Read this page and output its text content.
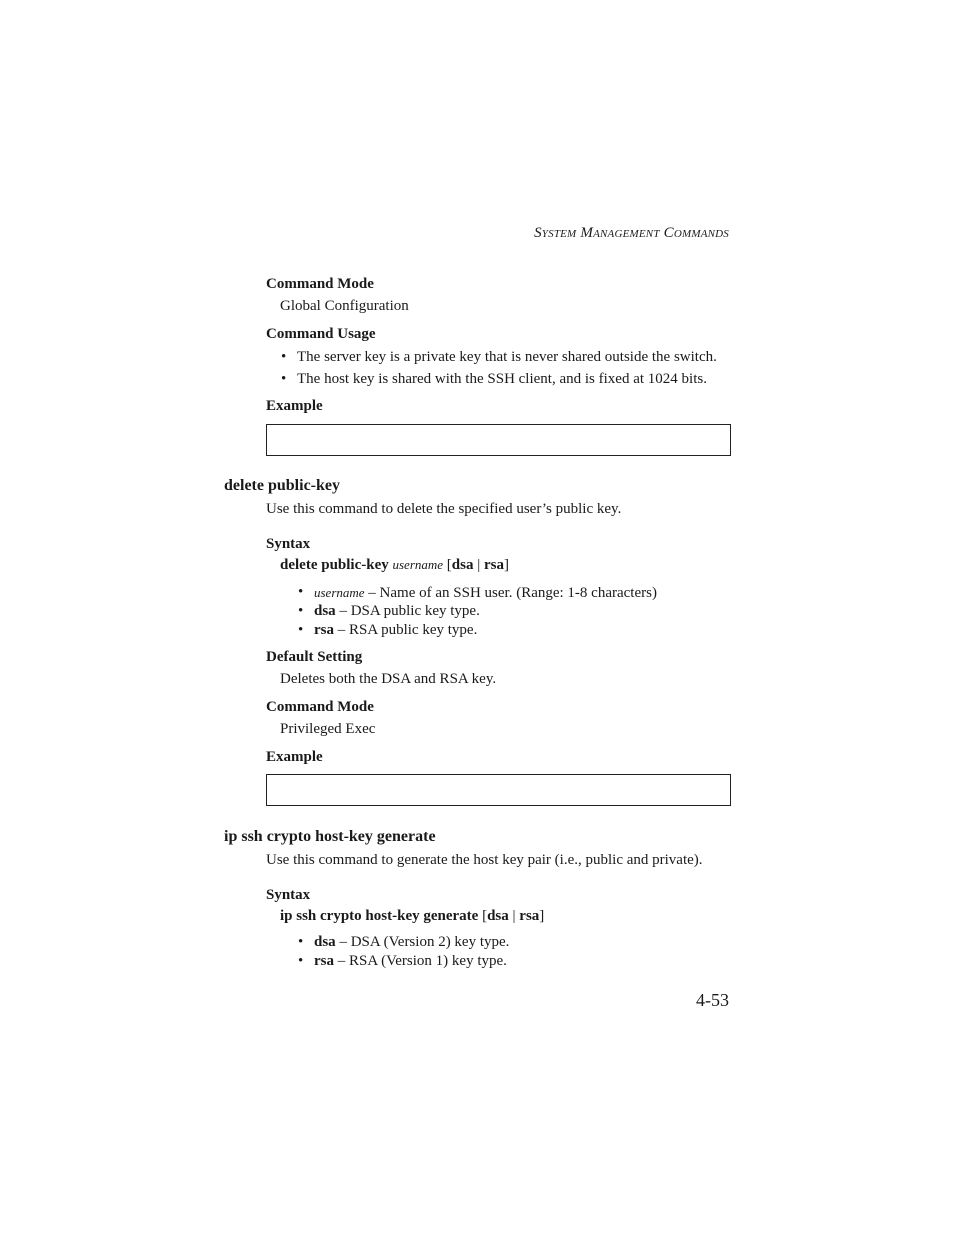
SYSTEM MANAGEMENT COMMANDS
Command Mode
Global Configuration
Command Usage
• The server key is a private key that is never shared outside the switch.
• The host key is shared with the SSH client, and is fixed at 1024 bits.
Example
delete public-key
Use this command to delete the specified user’s public key.
Syntax
delete public-key username [dsa | rsa]
• username – Name of an SSH user. (Range: 1-8 characters)
• dsa – DSA public key type.
• rsa – RSA public key type.
Default Setting
Deletes both the DSA and RSA key.
Command Mode
Privileged Exec
Example
ip ssh crypto host-key generate
Use this command to generate the host key pair (i.e., public and private).
Syntax
ip ssh crypto host-key generate [dsa | rsa]
• dsa – DSA (Version 2) key type.
• rsa – RSA (Version 1) key type.
4-53
